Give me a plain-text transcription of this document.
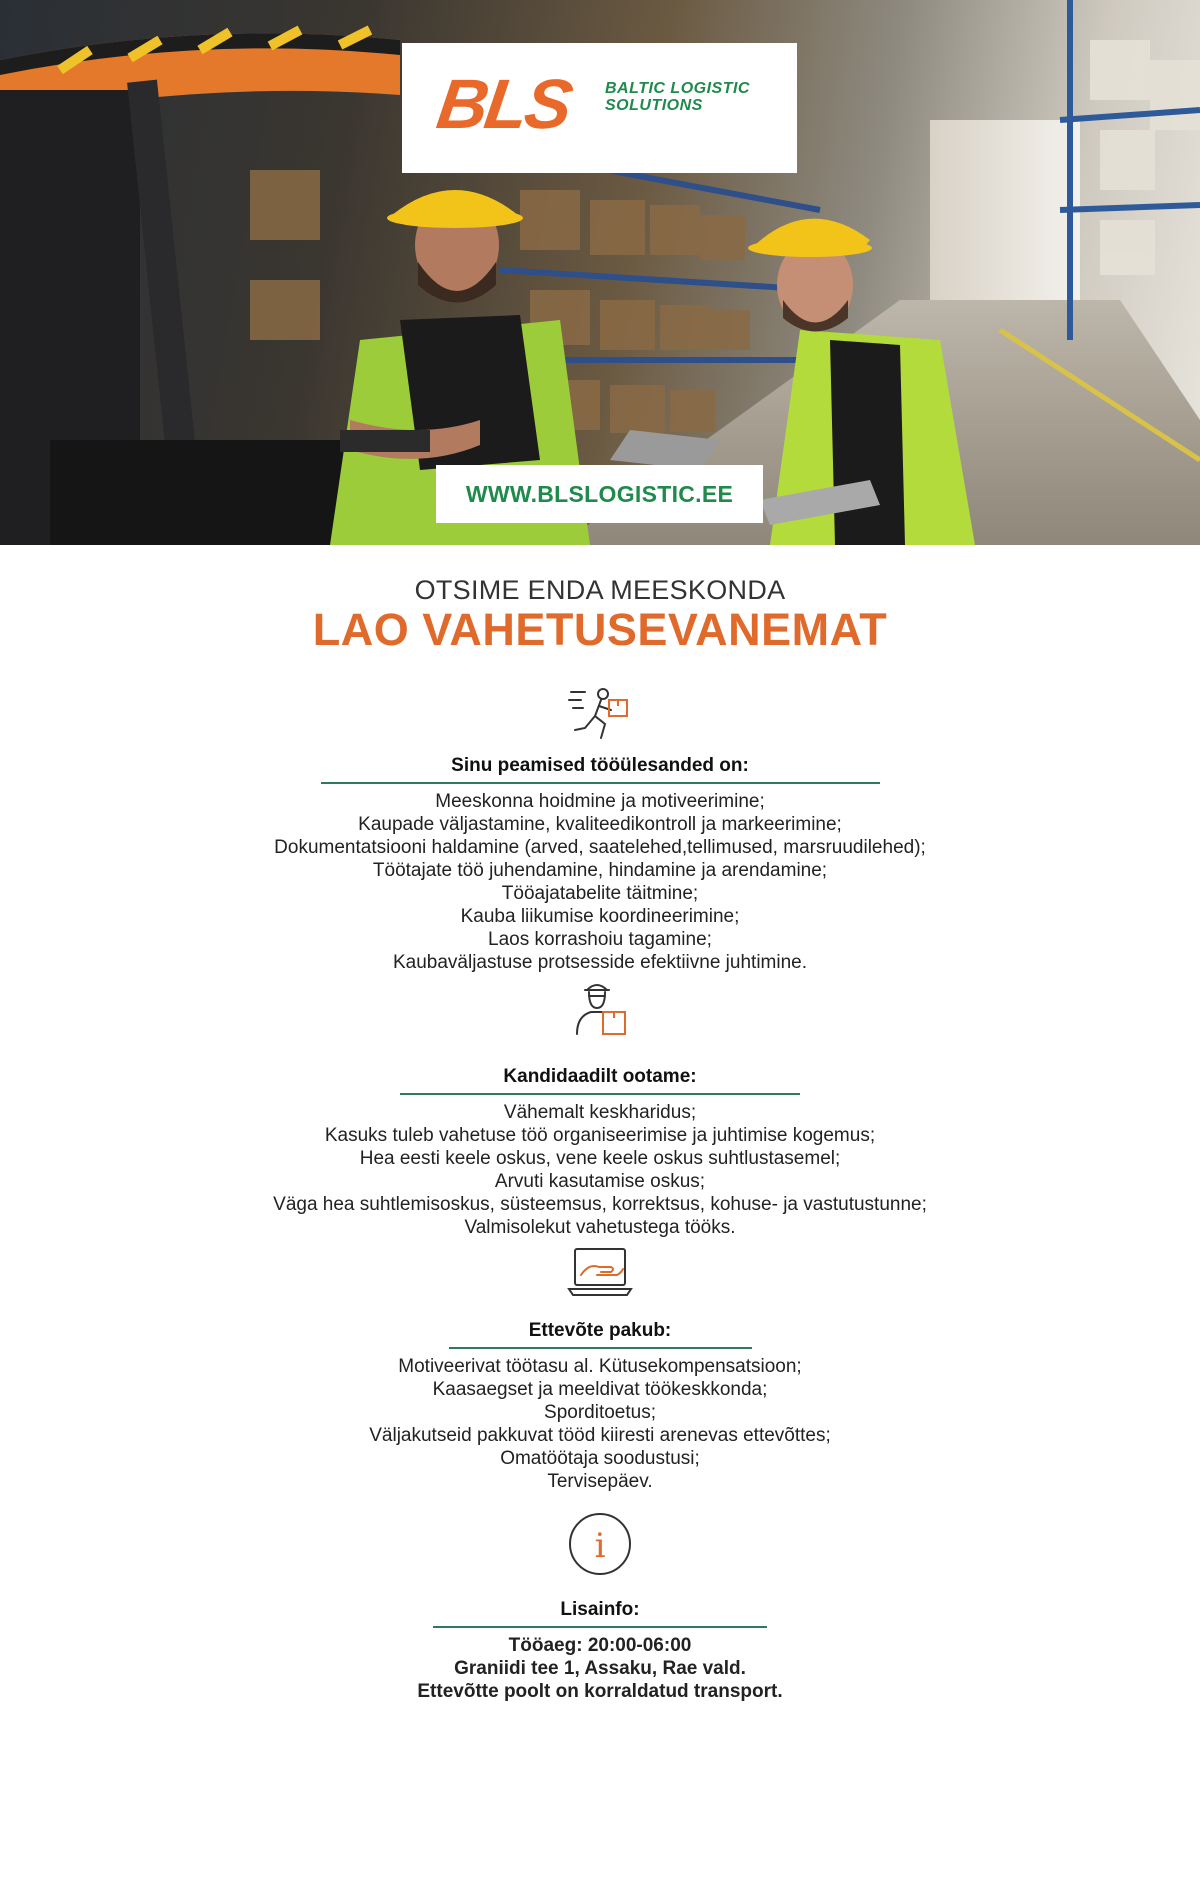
BLS BALTIC LOGISTIC
SOLUTIONS
WWW.BLSLOGISTIC.EE
OTSIME ENDA MEESKONDA
LAO VAHETUSEVANEMAT
Sinu peamised tööülesanded on:
Meeskonna hoidmine ja motiveerimine;
Kaupade väljastamine, kvaliteedikontroll ja markeerimine;
Dokumentatsiooni haldamine (arved, saatelehed,tellimused, marsruudilehed);
Töötajate töö juhendamine, hindamine ja arendamine;
Tööajatabelite täitmine;
Kauba liikumise koordineerimine;
Laos korrashoiu tagamine;
Kaubaväljastuse protsesside efektiivne juhtimine.
Kandidaadilt ootame:
Vähemalt keskharidus;
Kasuks tuleb vahetuse töö organiseerimise ja juhtimise kogemus;
Hea eesti keele oskus, vene keele oskus suhtlustasemel;
Arvuti kasutamise oskus;
Väga hea suhtlemisoskus, süsteemsus, korrektsus, kohuse- ja vastutustunne;
Valmisolekut vahetustega tööks.
Ettevõte pakub:
Motiveerivat töötasu al. Kütusekompensatsioon;
Kaasaegset ja meeldivat töökeskkonda;
Sporditoetus;
Väljakutseid pakkuvat tööd kiiresti arenevas ettevõttes;
Omatöötaja soodustusi;
Tervisepäev.
i
Lisainfo:
Tööaeg: 20:00-06:00
Graniidi tee 1, Assaku, Rae vald.
Ettevõtte poolt on korraldatud transport.
